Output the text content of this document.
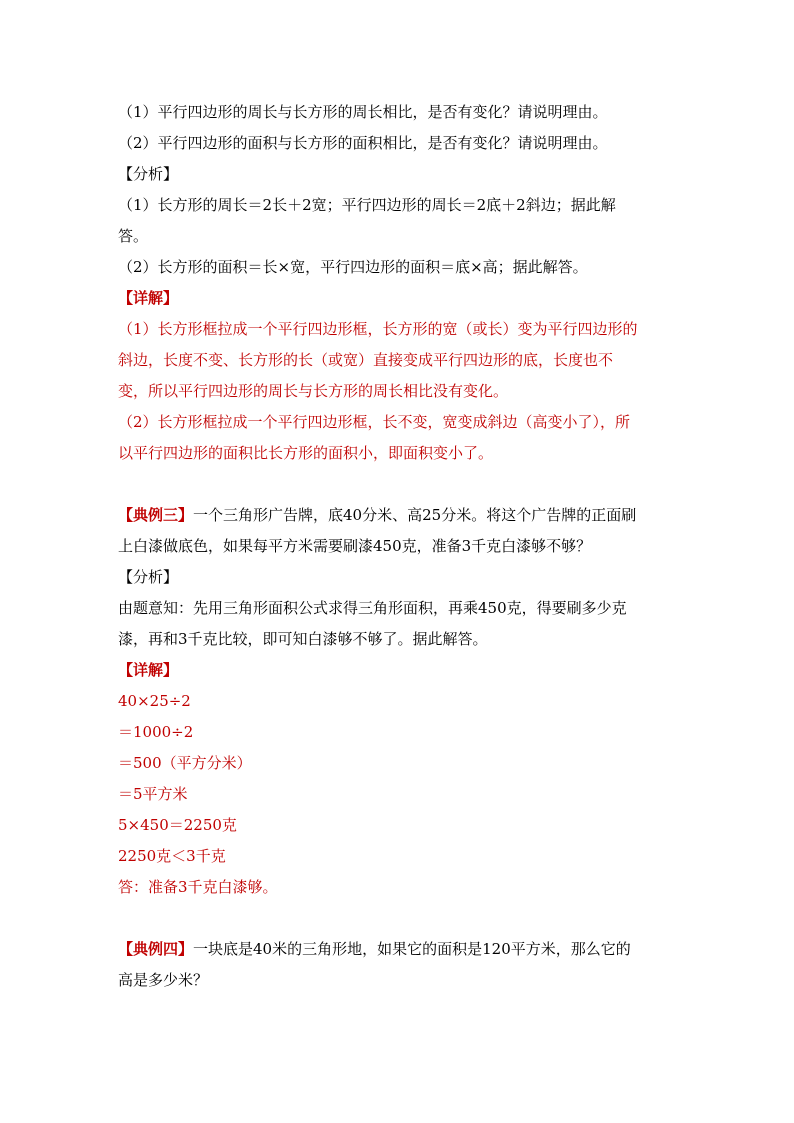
（1）平行四边形的周长与长方形的周长相比，是否有变化？请说明理由。
（2）平行四边形的面积与长方形的面积相比，是否有变化？请说明理由。
【分析】
（1）长方形的周长＝2长＋2宽；平行四边形的周长＝2底＋2斜边；据此解
答。
（2）长方形的面积＝长×宽，平行四边形的面积＝底×高；据此解答。
【详解】
（1）长方形框拉成一个平行四边形框，长方形的宽（或长）变为平行四边形的
斜边，长度不变、长方形的长（或宽）直接变成平行四边形的底，长度也不
变，所以平行四边形的周长与长方形的周长相比没有变化。
（2）长方形框拉成一个平行四边形框，长不变，宽变成斜边（高变小了），所
以平行四边形的面积比长方形的面积小，即面积变小了。
【典例三】一个三角形广告牌，底40分米、高25分米。将这个广告牌的正面刷
上白漆做底色，如果每平方米需要刷漆450克，准备3千克白漆够不够？
【分析】
由题意知：先用三角形面积公式求得三角形面积，再乘450克，得要刷多少克
漆，再和3千克比较，即可知白漆够不够了。据此解答。
【详解】
40×25÷2
＝1000÷2
＝500（平方分米）
＝5平方米
5×450＝2250克
2250克＜3千克
答：准备3千克白漆够。
【典例四】一块底是40米的三角形地，如果它的面积是120平方米，那么它的
高是多少米？
